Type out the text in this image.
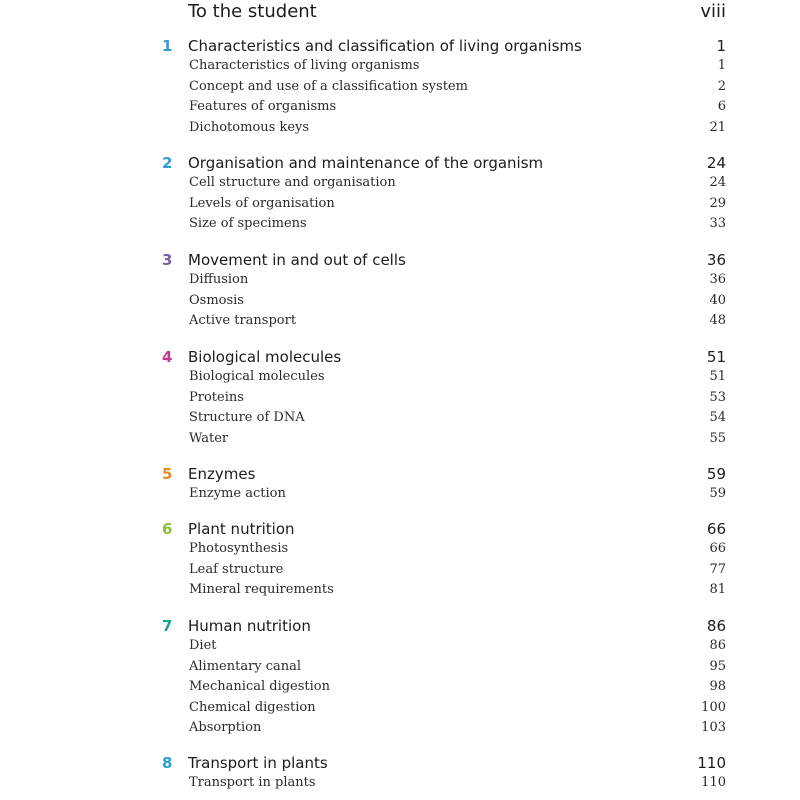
To the student	viii
1	Characteristics and classification of living organisms	1
Characteristics of living organisms	1
Concept and use of a classification system	2
Features of organisms	6
Dichotomous keys	21
2	Organisation and maintenance of the organism	24
Cell structure and organisation	24
Levels of organisation	29
Size of specimens	33
3	Movement in and out of cells	36
Diffusion	36
Osmosis	40
Active transport	48
4	Biological molecules	51
Biological molecules	51
Proteins	53
Structure of DNA	54
Water	55
5	Enzymes	59
Enzyme action	59
6	Plant nutrition	66
Photosynthesis	66
Leaf structure	77
Mineral requirements	81
7	Human nutrition	86
Diet	86
Alimentary canal	95
Mechanical digestion	98
Chemical digestion	100
Absorption	103
8	Transport in plants	110
Transport in plants	110
